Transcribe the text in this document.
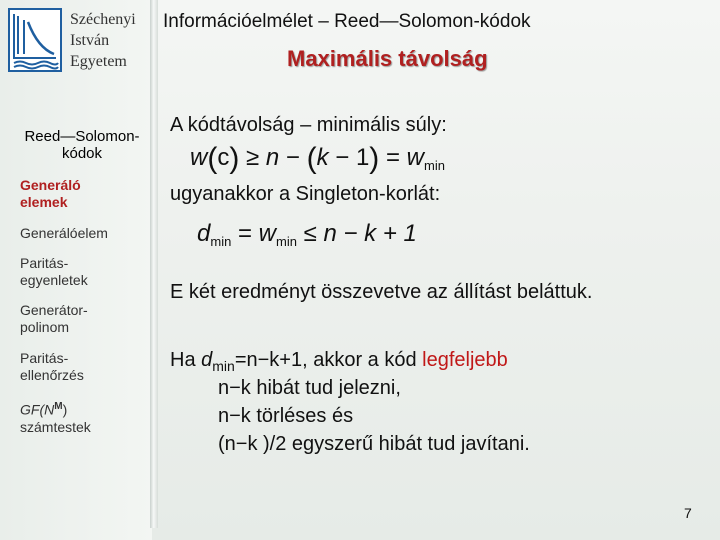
Széchenyi
István
Egyetem
Információelmélet – Reed—Solomon-kódok
Maximális távolság
Reed—Solomon-kódok
Generáló elemek
Generálóelem
Paritás-egyenletek
Generátor-polinom
Paritás-ellenőrzés
$GF(N^M)$ számtestek
A kódtávolság – minimális súly:
$w(c) \ge n - (k - 1) = w_{min}$
ugyanakkor a Singleton-korlát:
$d_{min} = w_{min} \le n - k + 1$
E két eredményt összevetve az állítást beláttuk.
Ha $d_{min}=n-k+1$, akkor a kód legfeljebb
n−k hibát tud jelezni,
n−k törléses és
(n−k )/2 egyszerű hibát tud javítani.
7
